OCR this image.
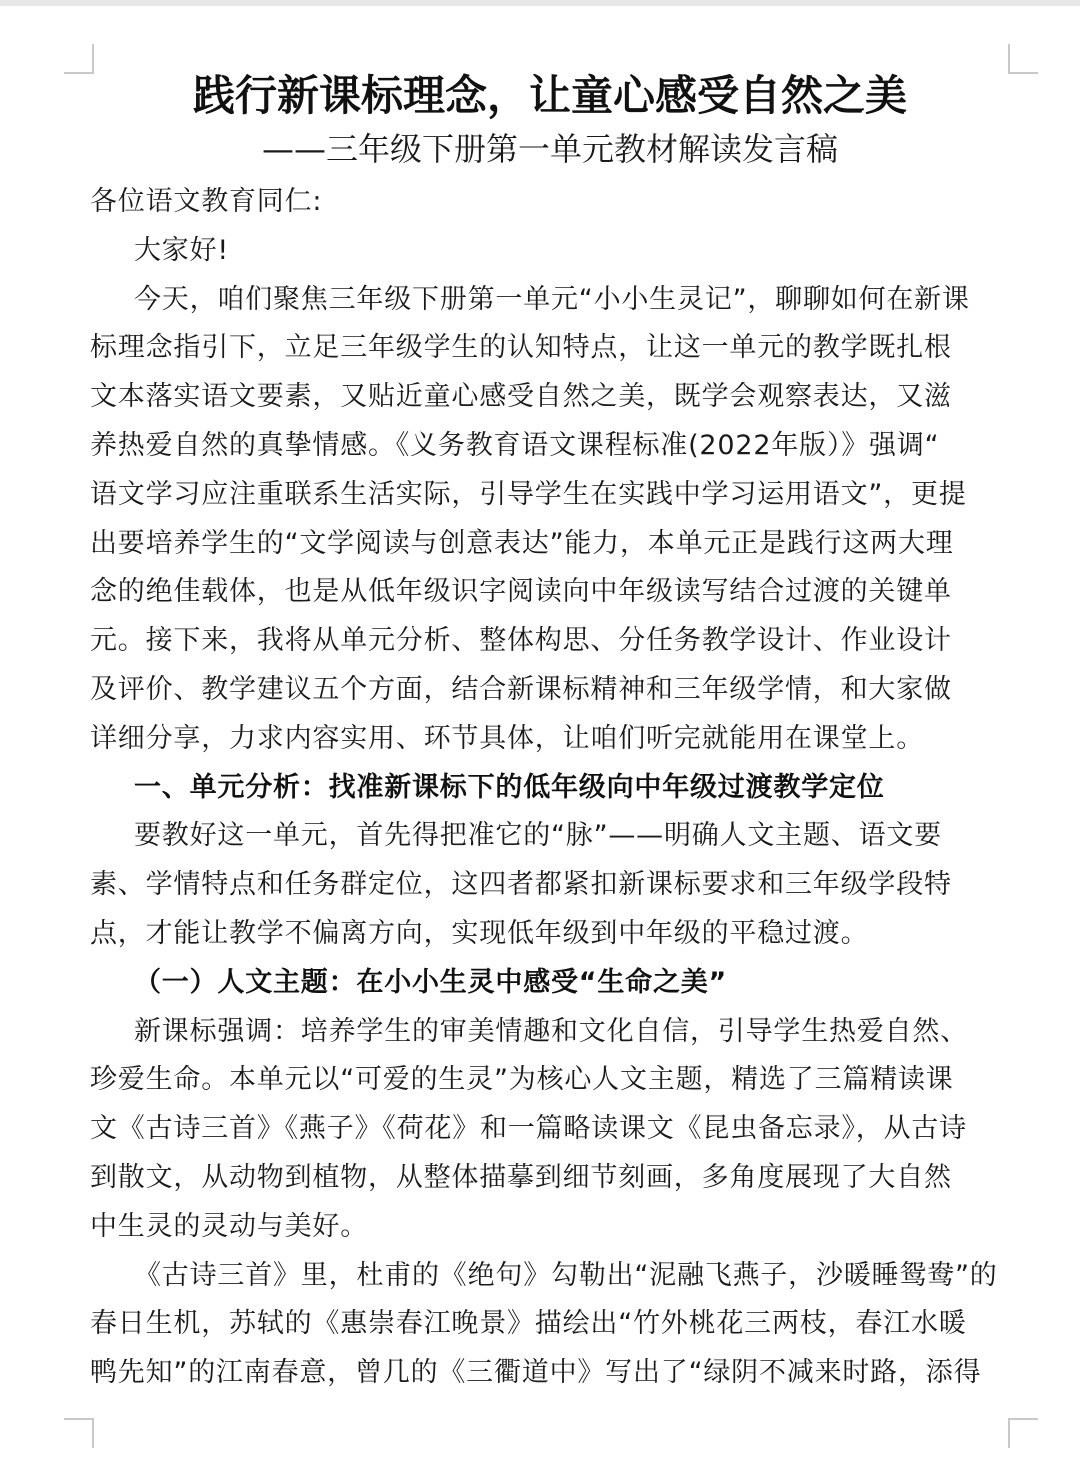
践行新课标理念，让童心感受自然之美
——三年级下册第一单元教材解读发言稿
各位语文教育同仁:
大家好!
今天，咱们聚焦三年级下册第一单元“小小生灵记”，聊聊如何在新课
标理念指引下，立足三年级学生的认知特点，让这一单元的教学既扎根
文本落实语文要素，又贴近童心感受自然之美，既学会观察表达，又滋
养热爱自然的真挚情感。《义务教育语文课程标准(2022年版）》强调“
语文学习应注重联系生活实际，引导学生在实践中学习运用语文”，更提
出要培养学生的“文学阅读与创意表达”能力，本单元正是践行这两大理
念的绝佳载体，也是从低年级识字阅读向中年级读写结合过渡的关键单
元。接下来，我将从单元分析、整体构思、分任务教学设计、作业设计
及评价、教学建议五个方面，结合新课标精神和三年级学情，和大家做
详细分享，力求内容实用、环节具体，让咱们听完就能用在课堂上。
一、单元分析：找准新课标下的低年级向中年级过渡教学定位
要教好这一单元，首先得把准它的“脉”——明确人文主题、语文要
素、学情特点和任务群定位，这四者都紧扣新课标要求和三年级学段特
点，才能让教学不偏离方向，实现低年级到中年级的平稳过渡。
（一）人文主题：在小小生灵中感受“生命之美”
新课标强调：培养学生的审美情趣和文化自信，引导学生热爱自然、
珍爱生命。本单元以“可爱的生灵”为核心人文主题，精选了三篇精读课
文《古诗三首》《燕子》《荷花》和一篇略读课文《昆虫备忘录》，从古诗
到散文，从动物到植物，从整体描摹到细节刻画，多角度展现了大自然
中生灵的灵动与美好。
《古诗三首》里，杜甫的《绝句》勾勒出“泥融飞燕子，沙暖睡鸳鸯”的
春日生机，苏轼的《惠崇春江晚景》描绘出“竹外桃花三两枝，春江水暖
鸭先知”的江南春意，曾几的《三衢道中》写出了“绿阴不减来时路，添得
